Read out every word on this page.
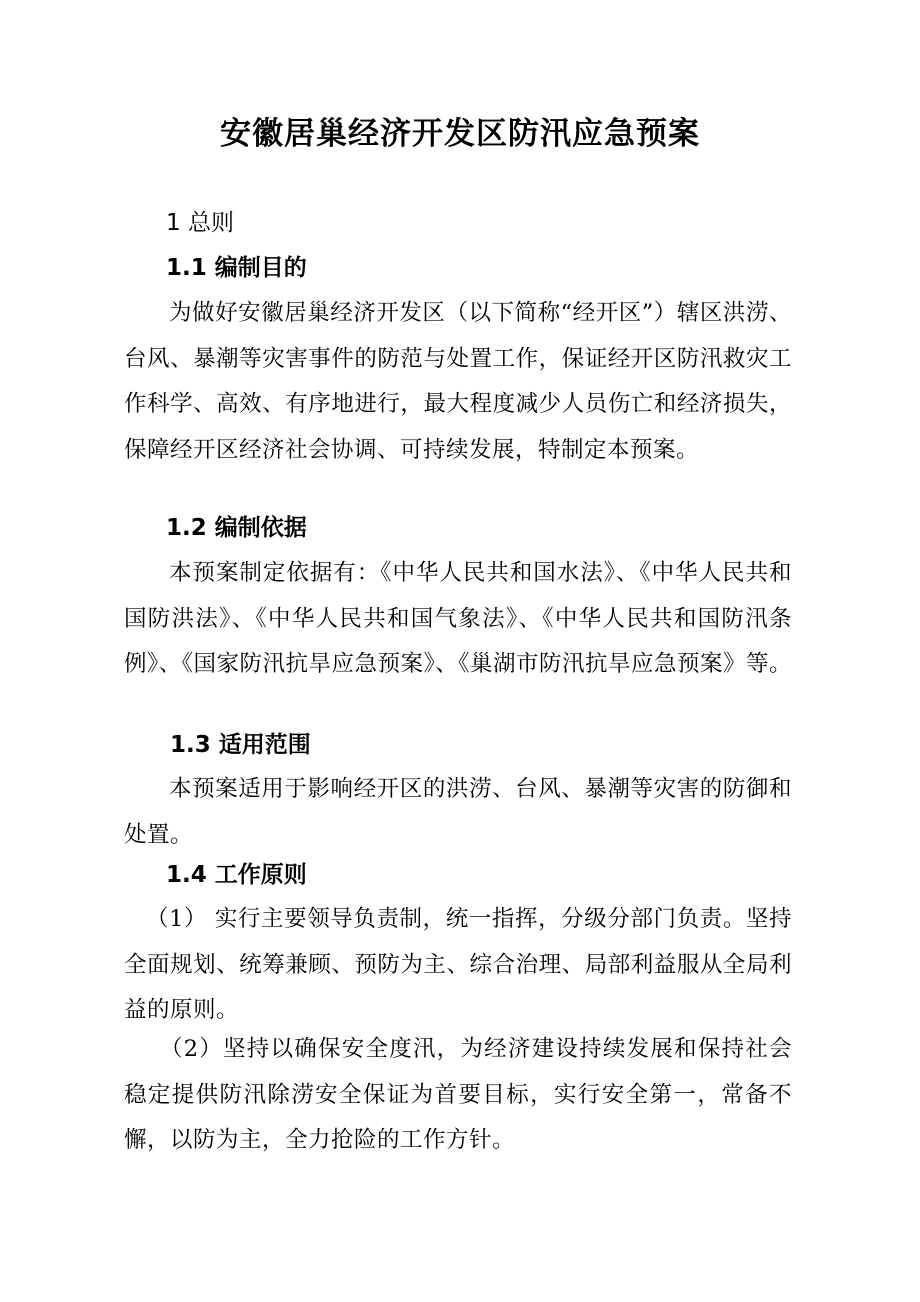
安徽居巢经济开发区防汛应急预案
1 总则
1.1 编制目的
为做好安徽居巢经济开发区（以下简称“经开区”）辖区洪涝、台风、暴潮等灾害事件的防范与处置工作，保证经开区防汛救灾工作科学、高效、有序地进行，最大程度减少人员伤亡和经济损失，保障经开区经济社会协调、可持续发展，特制定本预案。
1.2 编制依据
本预案制定依据有：《中华人民共和国水法》、《中华人民共和国防洪法》、《中华人民共和国气象法》、《中华人民共和国防汛条例》、《国家防汛抗旱应急预案》、《巢湖市防汛抗旱应急预案》等。
1.3 适用范围
本预案适用于影响经开区的洪涝、台风、暴潮等灾害的防御和处置。
1.4 工作原则
（1） 实行主要领导负责制，统一指挥，分级分部门负责。坚持全面规划、统筹兼顾、预防为主、综合治理、局部利益服从全局利益的原则。
（2）坚持以确保安全度汛，为经济建设持续发展和保持社会稳定提供防汛除涝安全保证为首要目标，实行安全第一，常备不懈，以防为主，全力抢险的工作方针。
